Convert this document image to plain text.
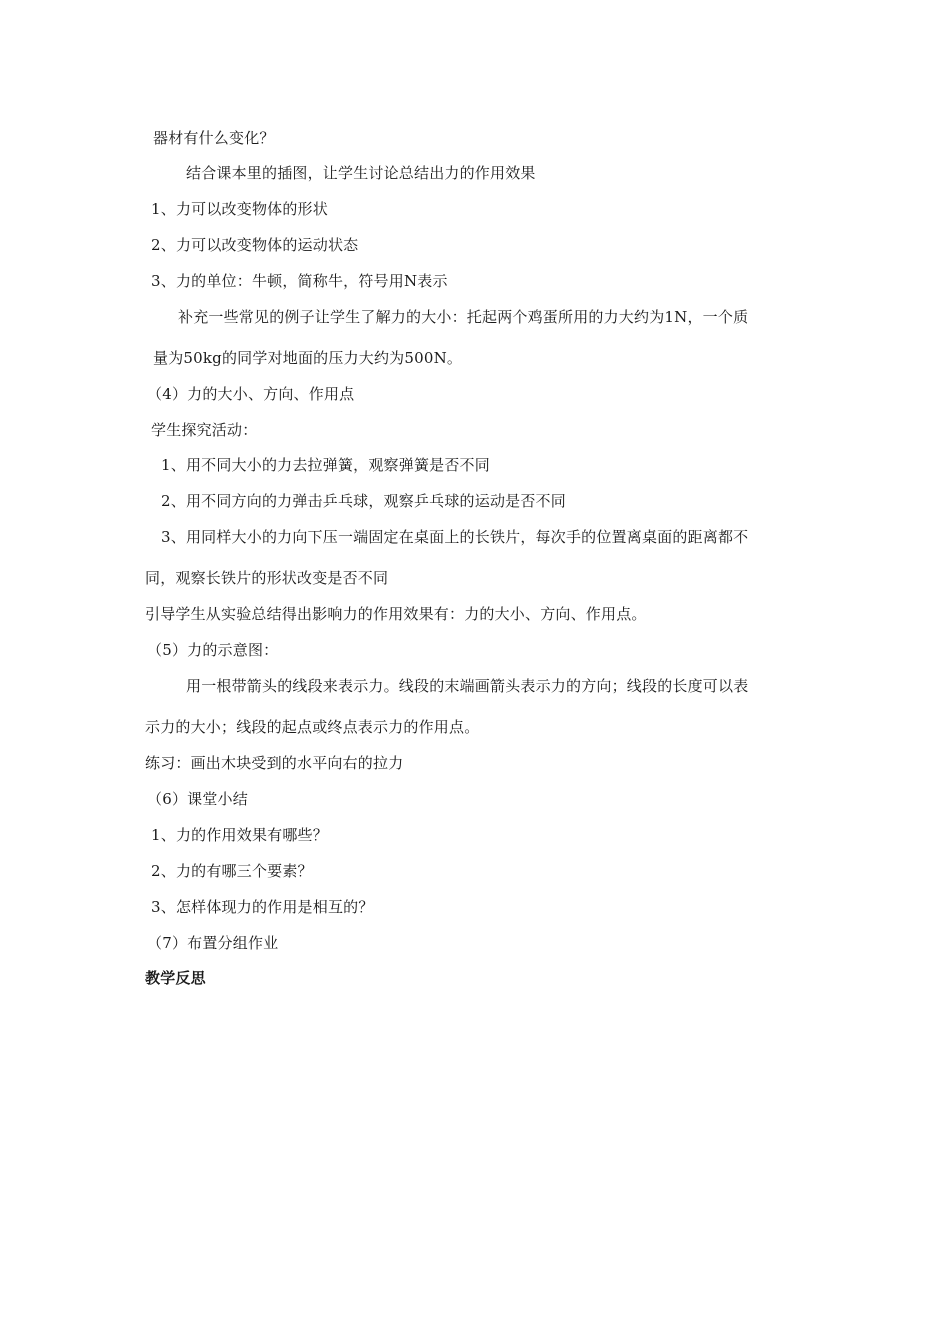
器材有什么变化？
结合课本里的插图，让学生讨论总结出力的作用效果
1、力可以改变物体的形状
2、力可以改变物体的运动状态
3、力的单位：牛顿，简称牛，符号用N表示
补充一些常见的例子让学生了解力的大小：托起两个鸡蛋所用的力大约为1N，一个质
量为50kg的同学对地面的压力大约为500N。
（4）力的大小、方向、作用点
学生探究活动：
1、用不同大小的力去拉弹簧，观察弹簧是否不同
2、用不同方向的力弹击乒乓球，观察乒乓球的运动是否不同
3、用同样大小的力向下压一端固定在桌面上的长铁片，每次手的位置离桌面的距离都不
同，观察长铁片的形状改变是否不同
引导学生从实验总结得出影响力的作用效果有：力的大小、方向、作用点。
（5）力的示意图：
用一根带箭头的线段来表示力。线段的末端画箭头表示力的方向；线段的长度可以表
示力的大小；线段的起点或终点表示力的作用点。
练习：画出木块受到的水平向右的拉力
（6）课堂小结
1、力的作用效果有哪些？
2、力的有哪三个要素？
3、怎样体现力的作用是相互的？
（7）布置分组作业
教学反思
